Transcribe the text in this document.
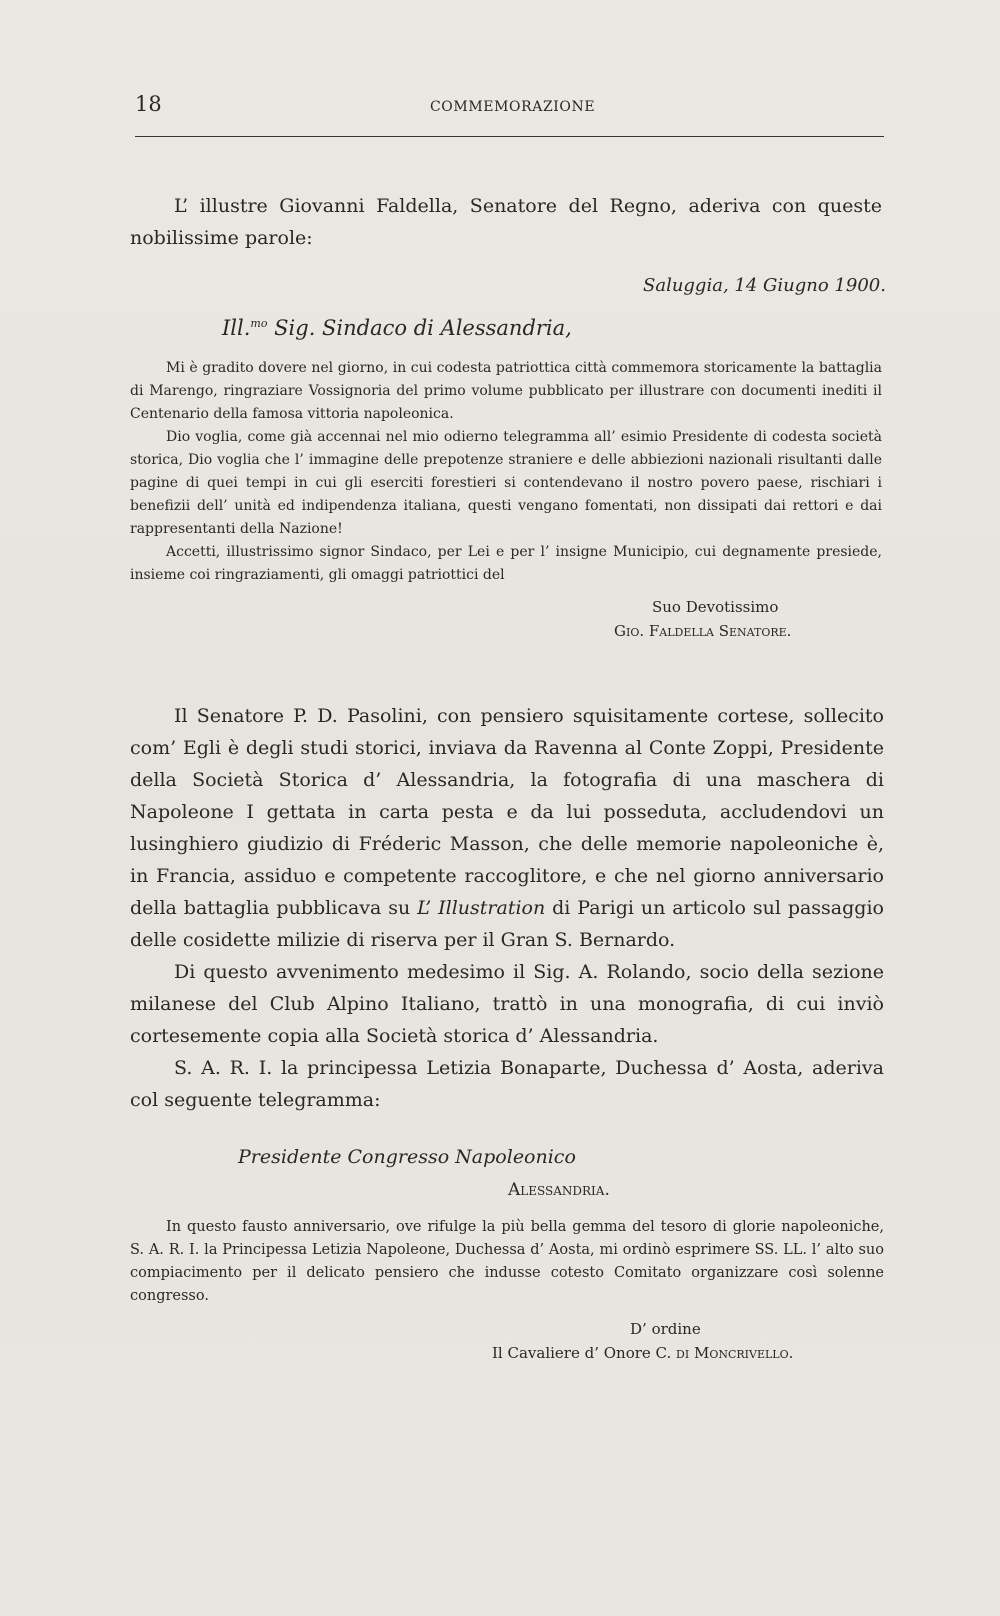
18	COMMEMORAZIONE

L’ illustre Giovanni Faldella, Senatore del Regno, aderiva con queste nobilissime parole:

Saluggia, 14 Giugno 1900.
Ill.$^{mo}$ Sig. Sindaco di Alessandria,

Mi è gradito dovere nel giorno, in cui codesta patriottica città commemora storicamente la battaglia di Marengo, ringraziare Vossignoria del primo volume pubblicato per illustrare con documenti inediti il Centenario della famosa vittoria napoleonica.

Dio voglia, come già accennai nel mio odierno telegramma all’ esimio Presidente di codesta società storica, Dio voglia che l’ immagine delle prepotenze straniere e delle abbiezioni nazionali risultanti dalle pagine di quei tempi in cui gli eserciti forestieri si contendevano il nostro povero paese, rischiari i benefizii dell’ unità ed indipendenza italiana, questi vengano fomentati, non dissipati dai rettori e dai rappresentanti della Nazione!

Accetti, illustrissimo signor Sindaco, per Lei e per l’ insigne Municipio, cui degnamente presiede, insieme coi ringraziamenti, gli omaggi patriottici del

Suo Devotissimo
Gio. Faldella Senatore.

Il Senatore P. D. Pasolini, con pensiero squisitamente cortese, sollecito com’ Egli è degli studi storici, inviava da Ravenna al Conte Zoppi, Presidente della Società Storica d’ Alessandria, la fotografia di una maschera di Napoleone I gettata in carta pesta e da lui posseduta, accludendovi un lusinghiero giudizio di Fréderic Masson, che delle memorie napoleoniche è, in Francia, assiduo e competente raccoglitore, e che nel giorno anniversario della battaglia pubblicava su L’ Illustration di Parigi un articolo sul passaggio delle cosidette milizie di riserva per il Gran S. Bernardo.

Di questo avvenimento medesimo il Sig. A. Rolando, socio della sezione milanese del Club Alpino Italiano, trattò in una monografia, di cui inviò cortesemente copia alla Società storica d’ Alessandria.

S. A. R. I. la principessa Letizia Bonaparte, Duchessa d’ Aosta, aderiva col seguente telegramma:

Presidente Congresso Napoleonico
Alessandria.

In questo fausto anniversario, ove rifulge la più bella gemma del tesoro di glorie napoleoniche, S. A. R. I. la Principessa Letizia Napoleone, Duchessa d’ Aosta, mi ordinò esprimere SS. LL. l’ alto suo compiacimento per il delicato pensiero che indusse cotesto Comitato organizzare così solenne congresso.

D’ ordine
Il Cavaliere d’ Onore C. di Moncrivello.
